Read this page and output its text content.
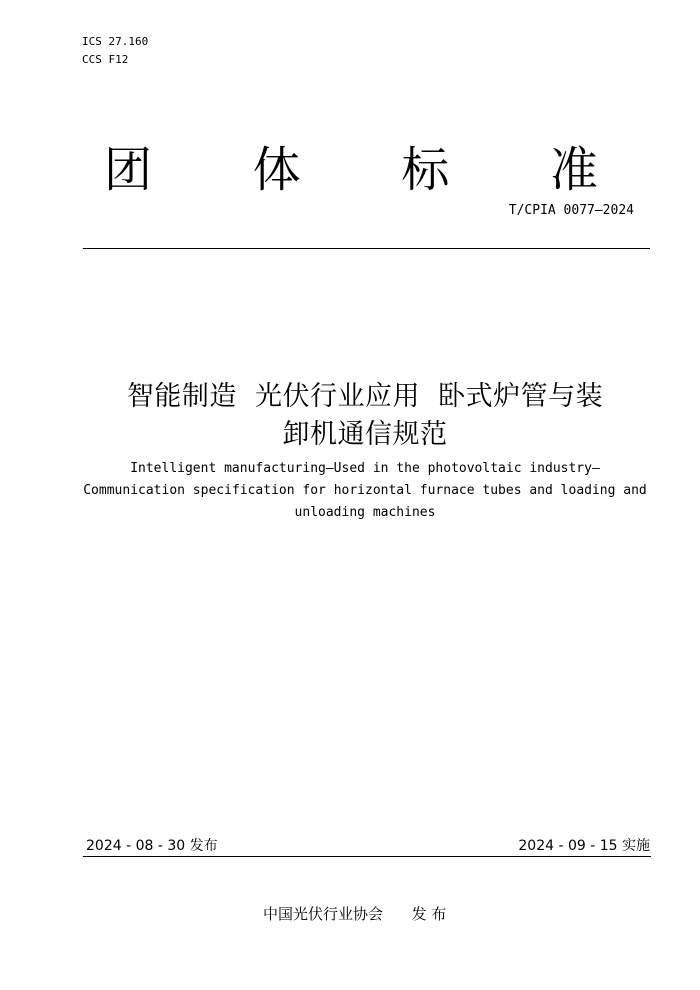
ICS 27.160
CCS F12
团 体 标 准
T/CPIA 0077—2024
智能制造  光伏行业应用  卧式炉管与装
卸机通信规范
Intelligent manufacturing—Used in the photovoltaic industry—
Communication specification for horizontal furnace tubes and loading and
unloading machines
2024 - 08 - 30 发布	2024 - 09 - 15 实施
中国光伏行业协会      发 布
